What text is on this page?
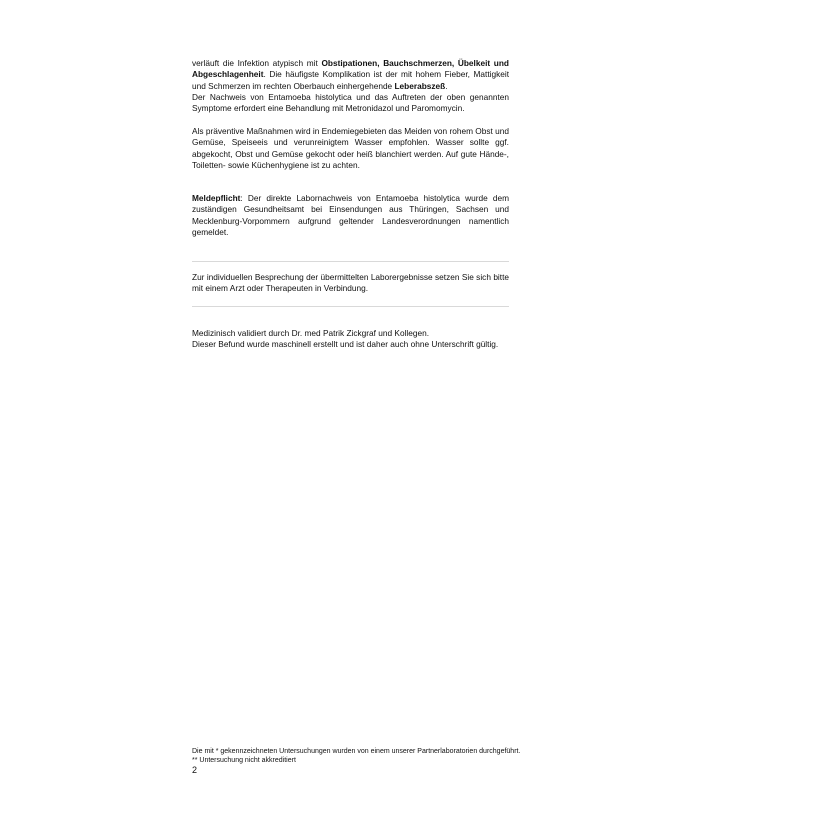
verläuft die Infektion atypisch mit Obstipationen, Bauchschmerzen, Übelkeit und Abgeschlagenheit. Die häufigste Komplikation ist der mit hohem Fieber, Mattigkeit und Schmerzen im rechten Oberbauch einhergehende Leberabszeß.

Der Nachweis von Entamoeba histolytica und das Auftreten der oben genannten Symptome erfordert eine Behandlung mit Metronidazol und Paromomycin.

Als präventive Maßnahmen wird in Endemiegebieten das Meiden von rohem Obst und Gemüse, Speiseeis und verunreinigtem Wasser empfohlen. Wasser sollte ggf. abgekocht, Obst und Gemüse gekocht oder heiß blanchiert werden. Auf gute Hände-, Toiletten- sowie Küchenhygiene ist zu achten.

Meldepflicht: Der direkte Labornachweis von Entamoeba histolytica wurde dem zuständigen Gesundheitsamt bei Einsendungen aus Thüringen, Sachsen und Mecklenburg-Vorpommern aufgrund geltender Landesverordnungen namentlich gemeldet.

Zur individuellen Besprechung der übermittelten Laborergebnisse setzen Sie sich bitte mit einem Arzt oder Therapeuten in Verbindung.

Medizinisch validiert durch Dr. med Patrik Zickgraf und Kollegen.

Dieser Befund wurde maschinell erstellt und ist daher auch ohne Unterschrift gültig.

Die mit * gekennzeichneten Untersuchungen wurden von einem unserer Partnerlaboratorien durchgeführt.
** Untersuchung nicht akkreditiert
2
